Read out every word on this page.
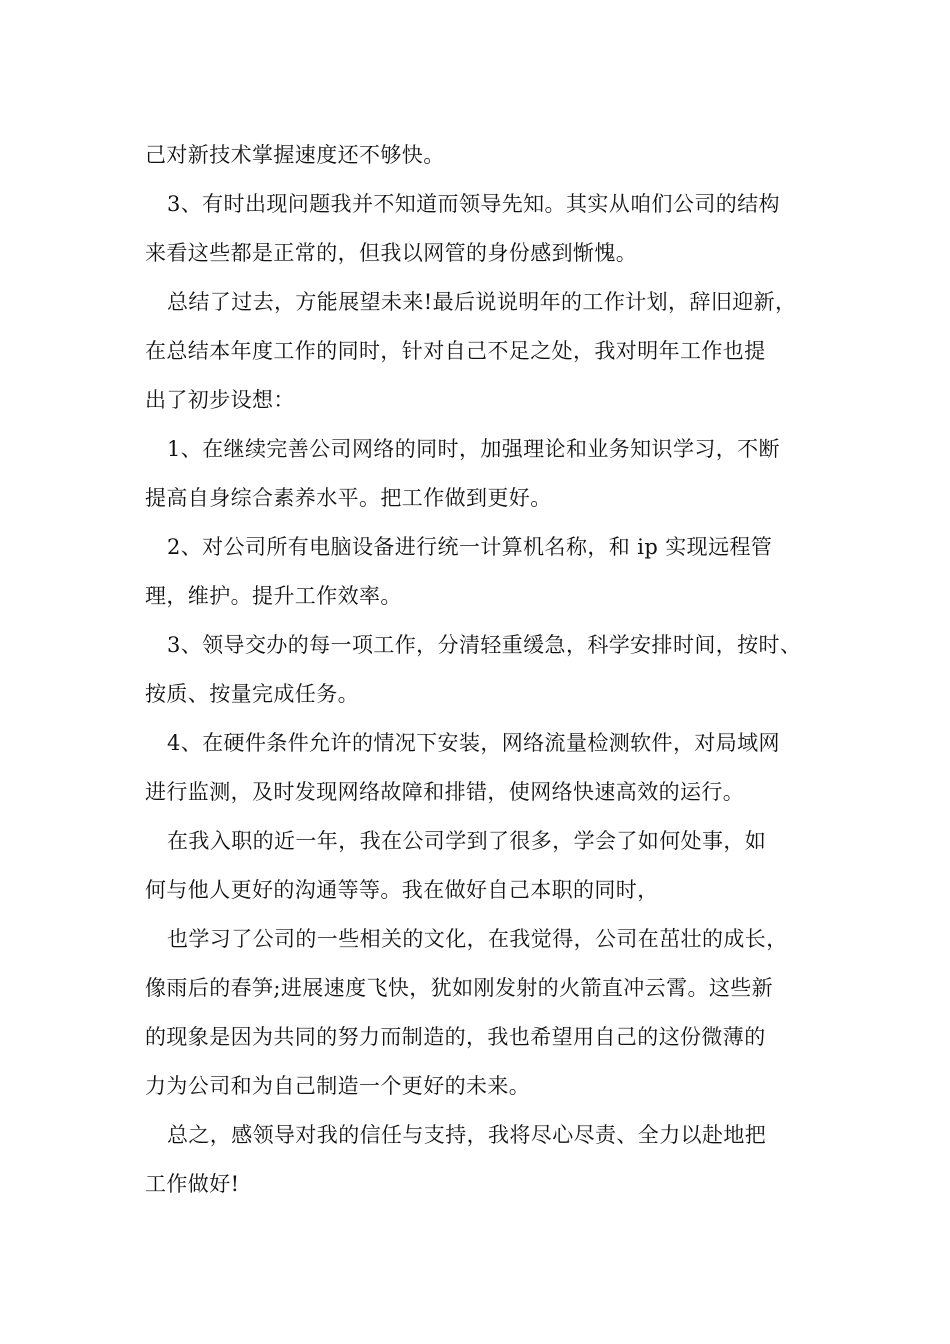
己对新技术掌握速度还不够快。
3、有时出现问题我并不知道而领导先知。其实从咱们公司的结构
来看这些都是正常的，但我以网管的身份感到惭愧。
总结了过去，方能展望未来!最后说说明年的工作计划，辞旧迎新，
在总结本年度工作的同时，针对自己不足之处，我对明年工作也提
出了初步设想：
1、在继续完善公司网络的同时，加强理论和业务知识学习，不断
提高自身综合素养水平。把工作做到更好。
2、对公司所有电脑设备进行统一计算机名称，和 ip 实现远程管
理，维护。提升工作效率。
3、领导交办的每一项工作，分清轻重缓急，科学安排时间，按时、
按质、按量完成任务。
4、在硬件条件允许的情况下安装，网络流量检测软件，对局域网
进行监测，及时发现网络故障和排错，使网络快速高效的运行。
在我入职的近一年，我在公司学到了很多，学会了如何处事，如
何与他人更好的沟通等等。我在做好自己本职的同时，
也学习了公司的一些相关的文化，在我觉得，公司在茁壮的成长，
像雨后的春笋;进展速度飞快，犹如刚发射的火箭直冲云霄。这些新
的现象是因为共同的努力而制造的，我也希望用自己的这份微薄的
力为公司和为自己制造一个更好的未来。
总之，感领导对我的信任与支持，我将尽心尽责、全力以赴地把
工作做好!
